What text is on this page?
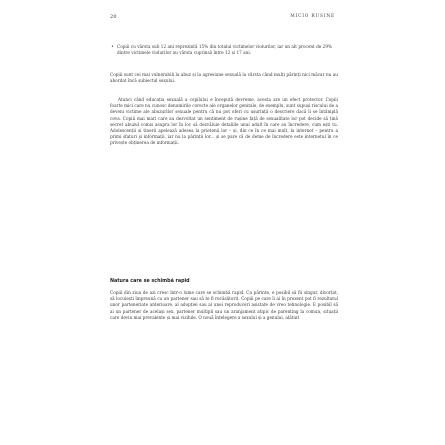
20	MICIO RUSINE
• Copiii cu vârsta sub 12 ani reprezintă 15% din totalul victimelor violurilor, iar un alt procent de 29% dintre victimele violurilor au vârsta cuprinsă între 12 și 17 ani.

Copiii sunt cei mai vulnerabili la abuz și la agresiune sexuală la vârsta când mulți părinți nici măcar nu au abordat încă subiectul sexului.

Atunci când educația sexuală a copilului e începută devreme, acesta are un efect protector. Copiii foarte mici care nu cunosc denumirile corecte ale organelor genitale, de exemplu, sunt supuși riscului de a deveni victime ale abuzurilor sexuale pentru că nu pot oferi cu ușurință o descriere dacă li se întâmplă ceva. Copiii mai mari care au dezvoltat un sentiment de rușine față de sexualitate lor pot decide să țină secret abuzul comis asupra lor în loc să dezvăluie detaliile unui adult în care au încredere, cum ești tu. Adolescenții și tinerii apelează adesea la prietenii lor – și, din ce în ce mai mult, la internet – pentru a primi sfaturi și informații, iar nu la părinții lor... și se pare că de deme de încredere este internetul în ce privește obținerea de informații.

Natura care se schimbă rapid

Copiii din ziua de azi cresc într-o lume care se schimbă rapid. Ca părinte, e posibil să fii singur, divorțat, să locuiești împreună cu un partener sau să te fi recăsătorit. Copiii pe care îi ai în prezent pot fi rezultatul unor parteneriate anterioare, al adopției sau al unei reproduceri asistate de vreo tehnologie. E posibil să ai un partener de același sex, partener multipli sau un aranjament atipic de parenting la comun, situații care devin mai prevalente și mai vizibile. O nouă înțelegere a sexului și a genului, alături
